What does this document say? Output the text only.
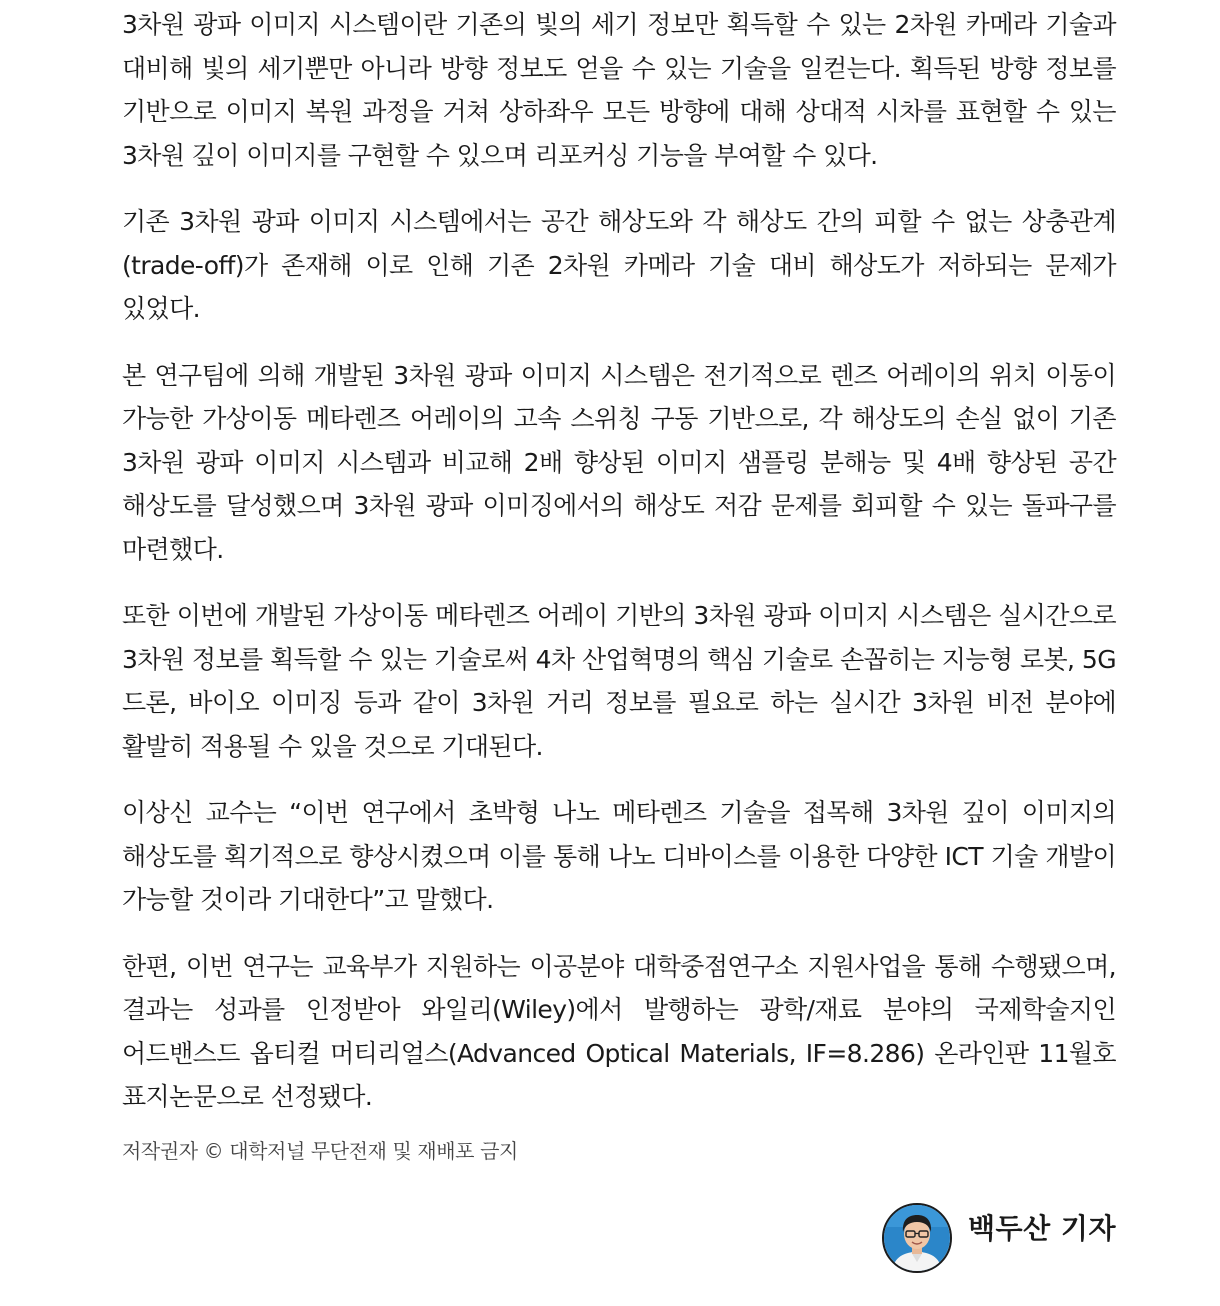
3차원 광파 이미지 시스템이란 기존의 빛의 세기 정보만 획득할 수 있는 2차원 카메라 기술과 대비해 빛의 세기뿐만 아니라 방향 정보도 얻을 수 있는 기술을 일컫는다. 획득된 방향 정보를 기반으로 이미지 복원 과정을 거쳐 상하좌우 모든 방향에 대해 상대적 시차를 표현할 수 있는 3차원 깊이 이미지를 구현할 수 있으며 리포커싱 기능을 부여할 수 있다.

기존 3차원 광파 이미지 시스템에서는 공간 해상도와 각 해상도 간의 피할 수 없는 상충관계(trade-off)가 존재해 이로 인해 기존 2차원 카메라 기술 대비 해상도가 저하되는 문제가 있었다.

본 연구팀에 의해 개발된 3차원 광파 이미지 시스템은 전기적으로 렌즈 어레이의 위치 이동이 가능한 가상이동 메타렌즈 어레이의 고속 스위칭 구동 기반으로, 각 해상도의 손실 없이 기존 3차원 광파 이미지 시스템과 비교해 2배 향상된 이미지 샘플링 분해능 및 4배 향상된 공간 해상도를 달성했으며 3차원 광파 이미징에서의 해상도 저감 문제를 회피할 수 있는 돌파구를 마련했다.

또한 이번에 개발된 가상이동 메타렌즈 어레이 기반의 3차원 광파 이미지 시스템은 실시간으로 3차원 정보를 획득할 수 있는 기술로써 4차 산업혁명의 핵심 기술로 손꼽히는 지능형 로봇, 5G 드론, 바이오 이미징 등과 같이 3차원 거리 정보를 필요로 하는 실시간 3차원 비전 분야에 활발히 적용될 수 있을 것으로 기대된다.

이상신 교수는 “이번 연구에서 초박형 나노 메타렌즈 기술을 접목해 3차원 깊이 이미지의 해상도를 획기적으로 향상시켰으며 이를 통해 나노 디바이스를 이용한 다양한 ICT 기술 개발이 가능할 것이라 기대한다”고 말했다.

한편, 이번 연구는 교육부가 지원하는 이공분야 대학중점연구소 지원사업을 통해 수행됐으며, 결과는 성과를 인정받아 와일리(Wiley)에서 발행하는 광학/재료 분야의 국제학술지인 어드밴스드 옵티컬 머티리얼스(Advanced Optical Materials, IF=8.286) 온라인판 11월호 표지논문으로 선정됐다.

저작권자 © 대학저널 무단전재 및 재배포 금지

백두산 기자
